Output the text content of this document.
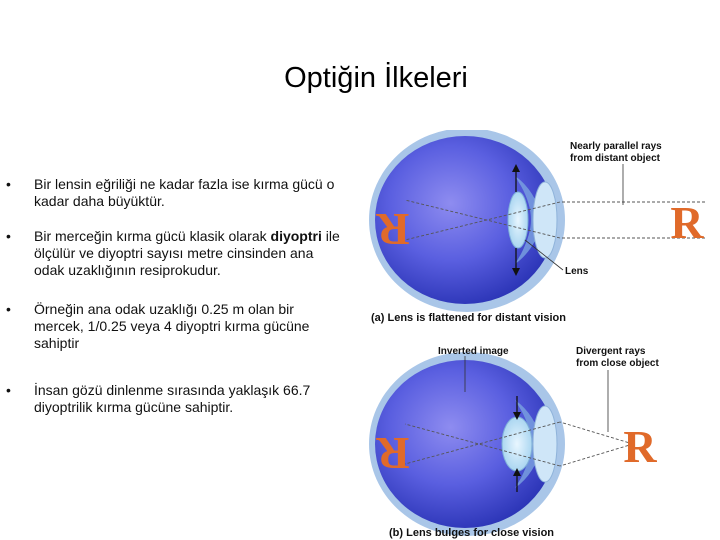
Optiğin İlkeleri
• Bir lensin eğriliği ne kadar fazla ise kırma gücü o kadar daha büyüktür.
• Bir merceğin kırma gücü klasik olarak diyoptri ile ölçülür ve diyoptri sayısı metre cinsinden ana odak uzaklığının resiprokudur.
• Örneğin ana odak uzaklığı 0.25 m olan bir mercek, 1/0.25 veya 4 diyoptri kırma gücüne sahiptir
• İnsan gözü dinlenme sırasında yaklaşık 66.7 diyoptrilik kırma gücüne sahiptir.
R	R
Nearly parallel rays
from distant object
Lens
(a) Lens is flattened for distant vision
R	R
Inverted image	Divergent rays
from close object
(b) Lens bulges for close vision
